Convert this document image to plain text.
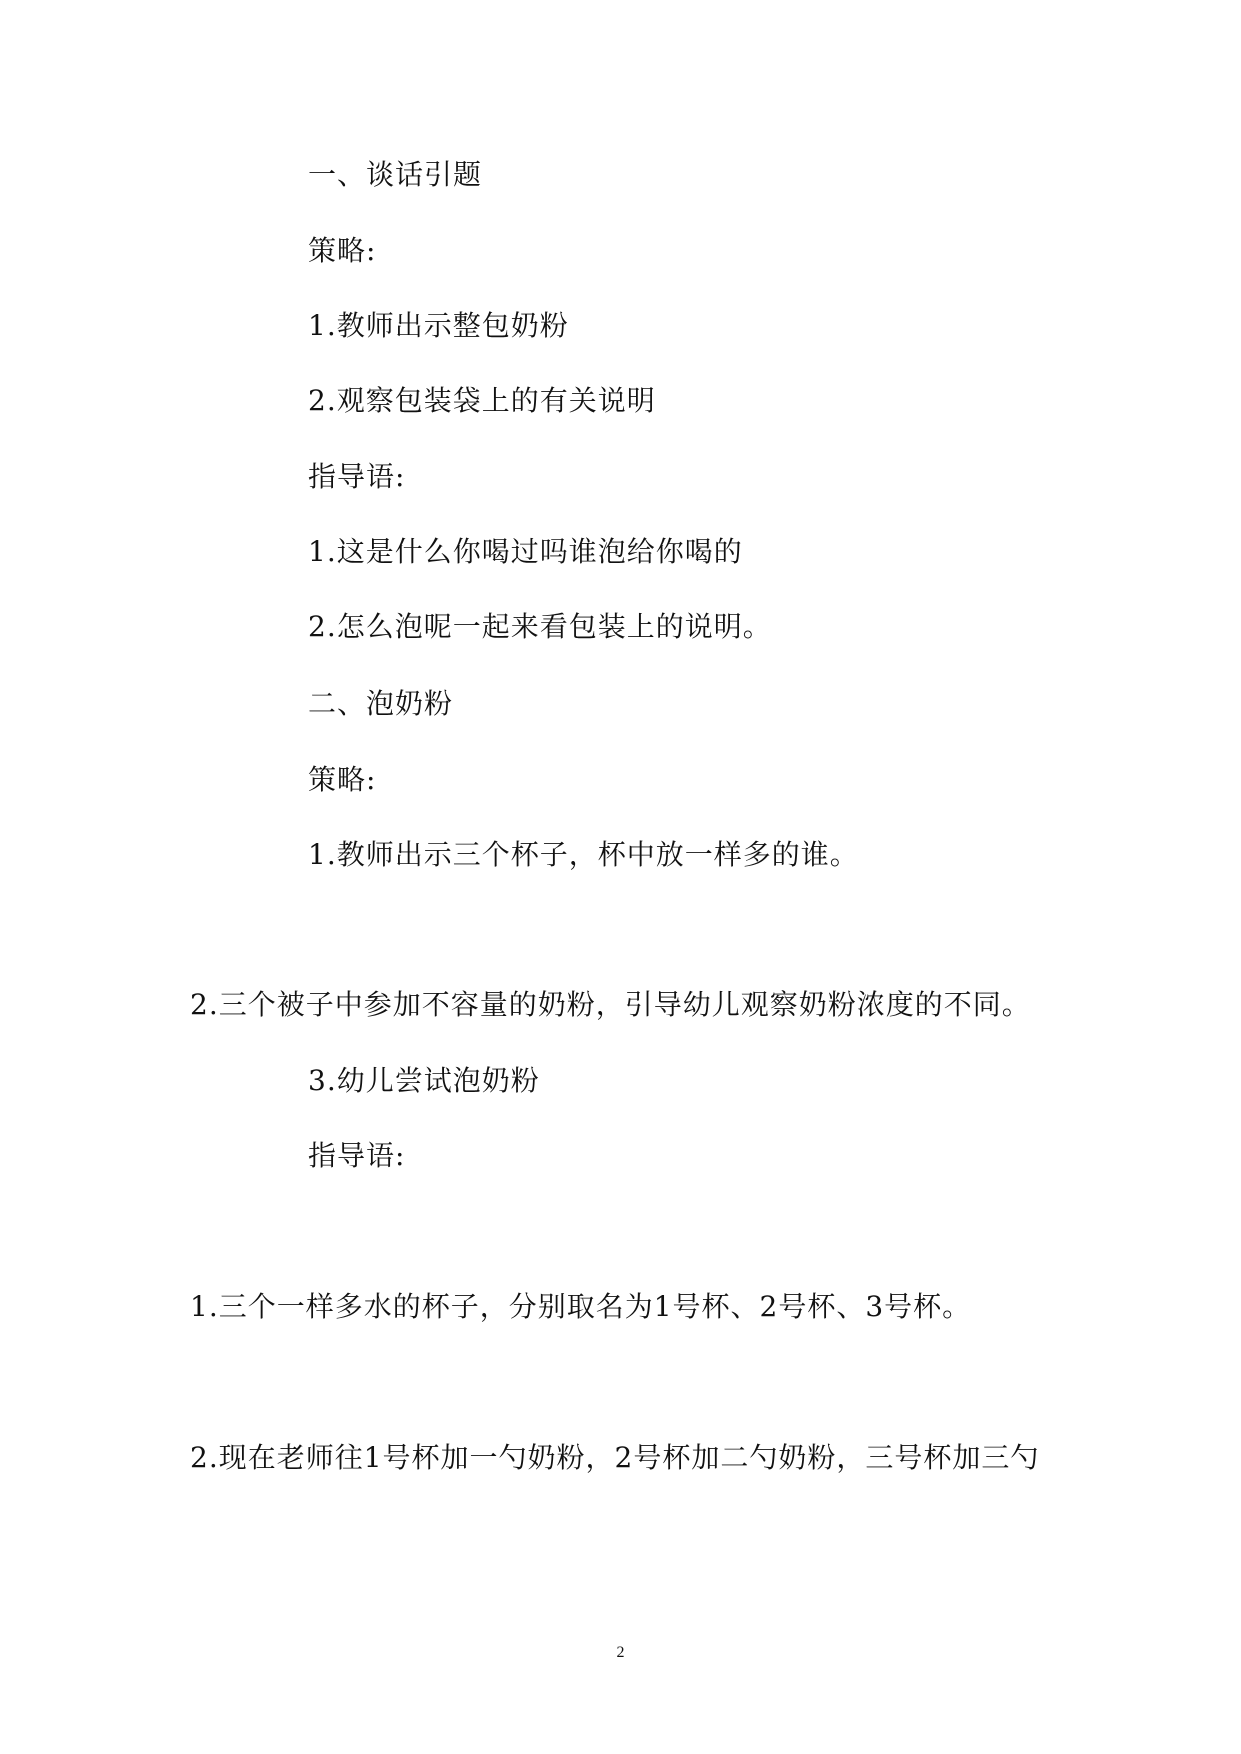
一、谈话引题
策略:
1.教师出示整包奶粉
2.观察包装袋上的有关说明
指导语:
1.这是什么你喝过吗谁泡给你喝的
2.怎么泡呢一起来看包装上的说明。
二、泡奶粉
策略:
1.教师出示三个杯子，杯中放一样多的谁。
2.三个被子中参加不容量的奶粉，引导幼儿观察奶粉浓度的不同。
3.幼儿尝试泡奶粉
指导语:
1.三个一样多水的杯子，分别取名为1号杯、2号杯、3号杯。
2.现在老师往1号杯加一勺奶粉，2号杯加二勺奶粉，三号杯加三勺
2
